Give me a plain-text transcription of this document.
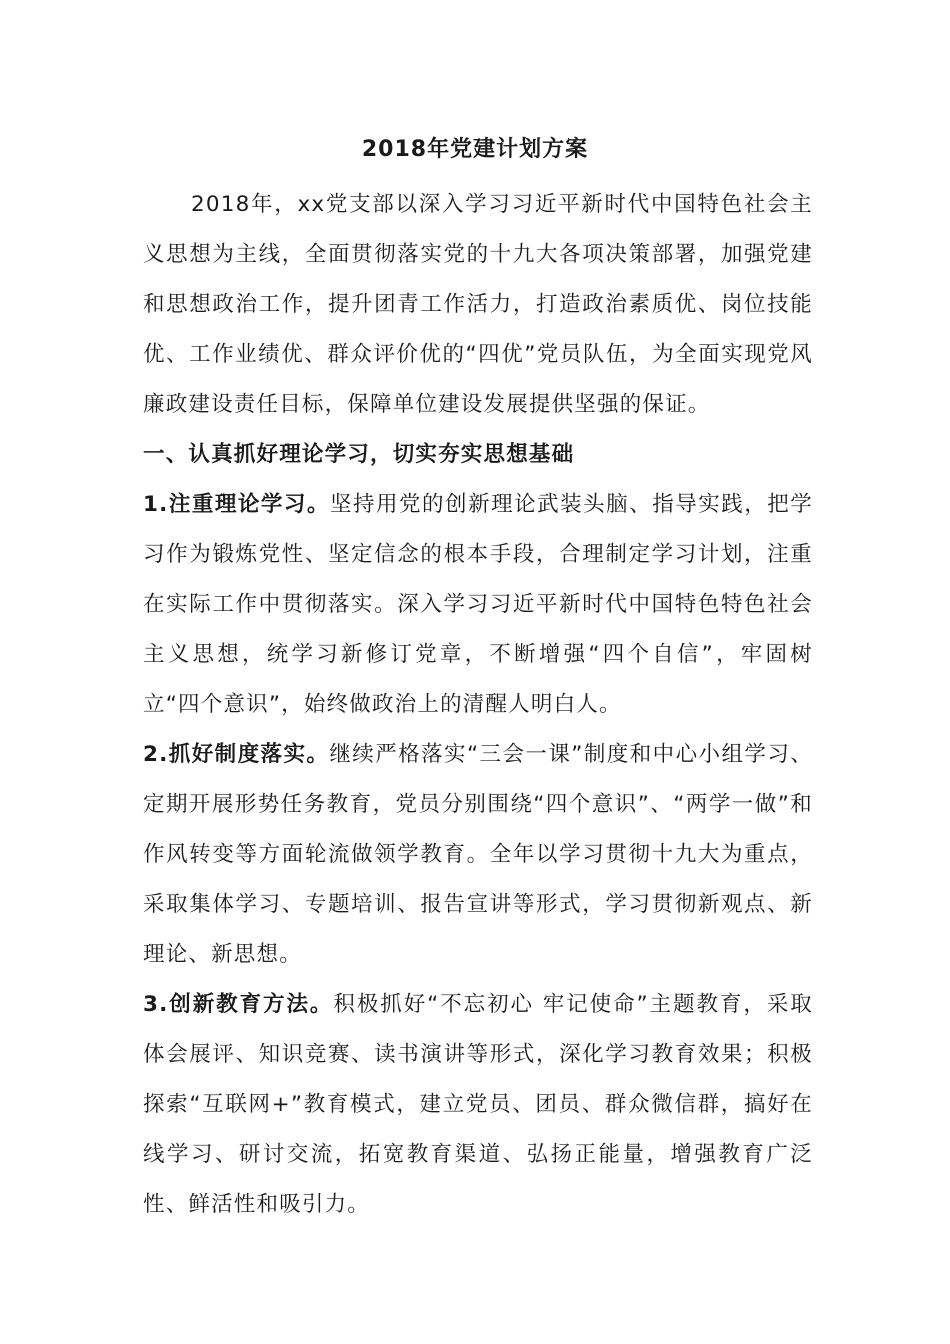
2018年党建计划方案

2018年，xx党支部以深入学习习近平新时代中国特色社会主义思想为主线，全面贯彻落实党的十九大各项决策部署，加强党建和思想政治工作，提升团青工作活力，打造政治素质优、岗位技能优、工作业绩优、群众评价优的“四优”党员队伍，为全面实现党风廉政建设责任目标，保障单位建设发展提供坚强的保证。

一、认真抓好理论学习，切实夯实思想基础

1.注重理论学习。坚持用党的创新理论武装头脑、指导实践，把学习作为锻炼党性、坚定信念的根本手段，合理制定学习计划，注重在实际工作中贯彻落实。深入学习习近平新时代中国特色特色社会主义思想，统学习新修订党章，不断增强“四个自信”，牢固树立“四个意识”，始终做政治上的清醒人明白人。

2.抓好制度落实。继续严格落实“三会一课”制度和中心小组学习、定期开展形势任务教育，党员分别围绕“四个意识”、“两学一做”和作风转变等方面轮流做领学教育。全年以学习贯彻十九大为重点，采取集体学习、专题培训、报告宣讲等形式，学习贯彻新观点、新理论、新思想。

3.创新教育方法。积极抓好“不忘初心 牢记使命”主题教育，采取体会展评、知识竞赛、读书演讲等形式，深化学习教育效果；积极探索“互联网+”教育模式，建立党员、团员、群众微信群，搞好在线学习、研讨交流，拓宽教育渠道、弘扬正能量，增强教育广泛性、鲜活性和吸引力。
